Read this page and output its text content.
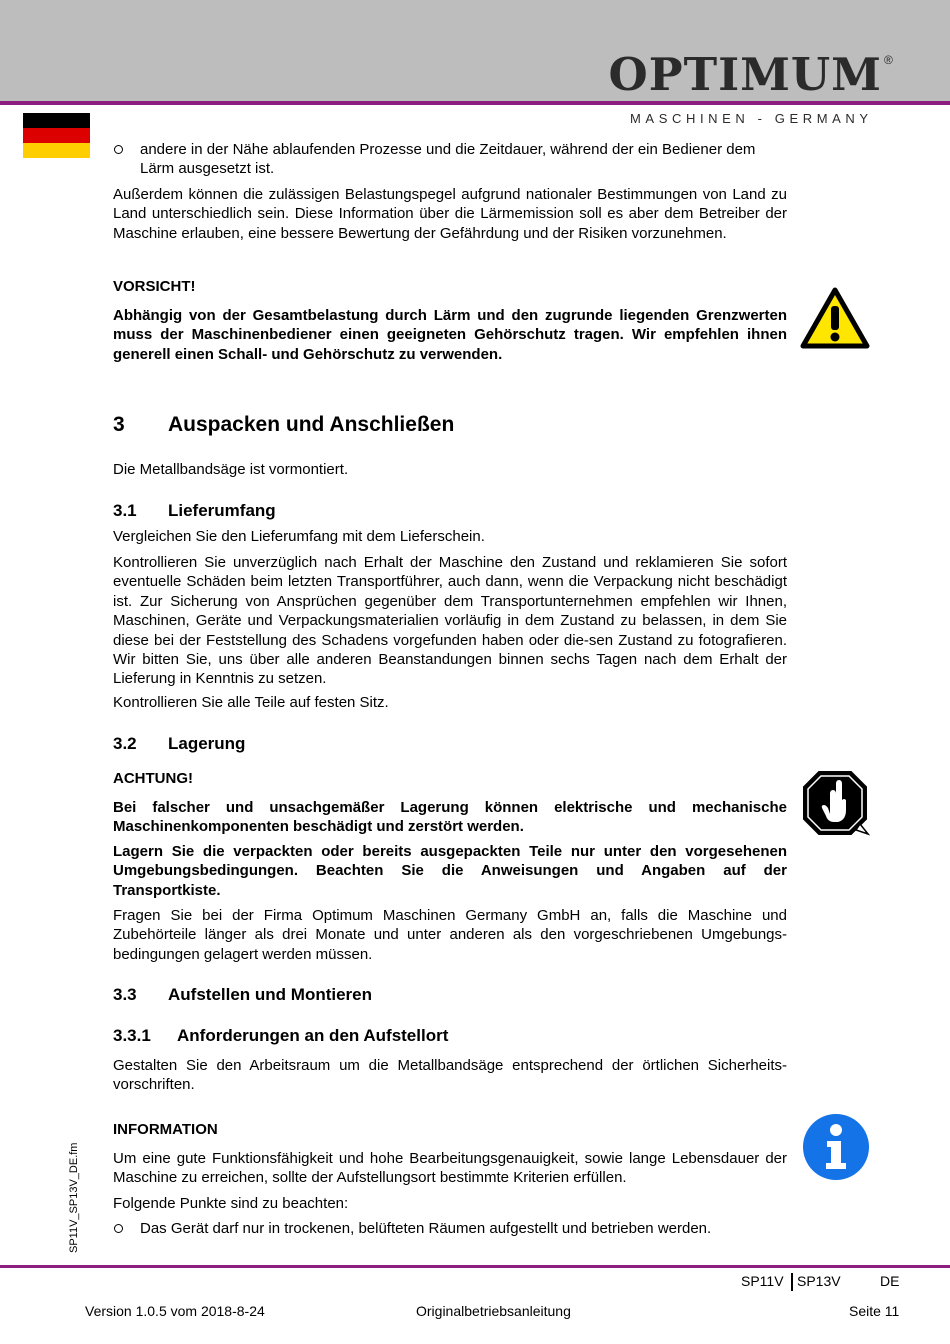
OPTIMUM ®
MASCHINEN - GERMANY
SP11V_SP13V_DE.fm
andere in der Nähe ablaufenden Prozesse und die Zeitdauer, während der ein Bediener dem Lärm ausgesetzt ist.

Außerdem können die zulässigen Belastungspegel aufgrund nationaler Bestimmungen von Land zu Land unterschiedlich sein. Diese Information über die Lärmemission soll es aber dem Betreiber der Maschine erlauben, eine bessere Bewertung der Gefährdung und der Risiken vorzunehmen.

VORSICHT!

Abhängig von der Gesamtbelastung durch Lärm und den zugrunde liegenden Grenzwerten muss der Maschinenbediener einen geeigneten Gehörschutz tragen. Wir empfehlen ihnen generell einen Schall- und Gehörschutz zu verwenden.

3 Auspacken und Anschließen

Die Metallbandsäge ist vormontiert.

3.1 Lieferumfang

Vergleichen Sie den Lieferumfang mit dem Lieferschein.

Kontrollieren Sie unverzüglich nach Erhalt der Maschine den Zustand und reklamieren Sie sofort eventuelle Schäden beim letzten Transportführer, auch dann, wenn die Verpackung nicht beschädigt ist. Zur Sicherung von Ansprüchen gegenüber dem Transportunternehmen empfehlen wir Ihnen, Maschinen, Geräte und Verpackungsmaterialien vorläufig in dem Zustand zu belassen, in dem Sie diese bei der Feststellung des Schadens vorgefunden haben oder die-sen Zustand zu fotografieren. Wir bitten Sie, uns über alle anderen Beanstandungen binnen sechs Tagen nach dem Erhalt der Lieferung in Kenntnis zu setzen.

Kontrollieren Sie alle Teile auf festen Sitz.

3.2 Lagerung

ACHTUNG!

Bei falscher und unsachgemäßer Lagerung können elektrische und mechanische Maschinenkomponenten beschädigt und zerstört werden.

Lagern Sie die verpackten oder bereits ausgepackten Teile nur unter den vorgesehenen Umgebungsbedingungen. Beachten Sie die Anweisungen und Angaben auf der Transportkiste.

Fragen Sie bei der Firma Optimum Maschinen Germany GmbH an, falls die Maschine und Zubehörteile länger als drei Monate und unter anderen als den vorgeschriebenen Umgebungs-bedingungen gelagert werden müssen.

3.3 Aufstellen und Montieren
3.3.1 Anforderungen an den Aufstellort

Gestalten Sie den Arbeitsraum um die Metallbandsäge entsprechend der örtlichen Sicherheits-vorschriften.

INFORMATION

Um eine gute Funktionsfähigkeit und hohe Bearbeitungsgenauigkeit, sowie lange Lebensdauer der Maschine zu erreichen, sollte der Aufstellungsort bestimmte Kriterien erfüllen.

Folgende Punkte sind zu beachten:

Das Gerät darf nur in trockenen, belüfteten Räumen aufgestellt und betrieben werden.
SP11V SP13V	DE
Version 1.0.5 vom 2018-8-24	Originalbetriebsanleitung	Seite 11
